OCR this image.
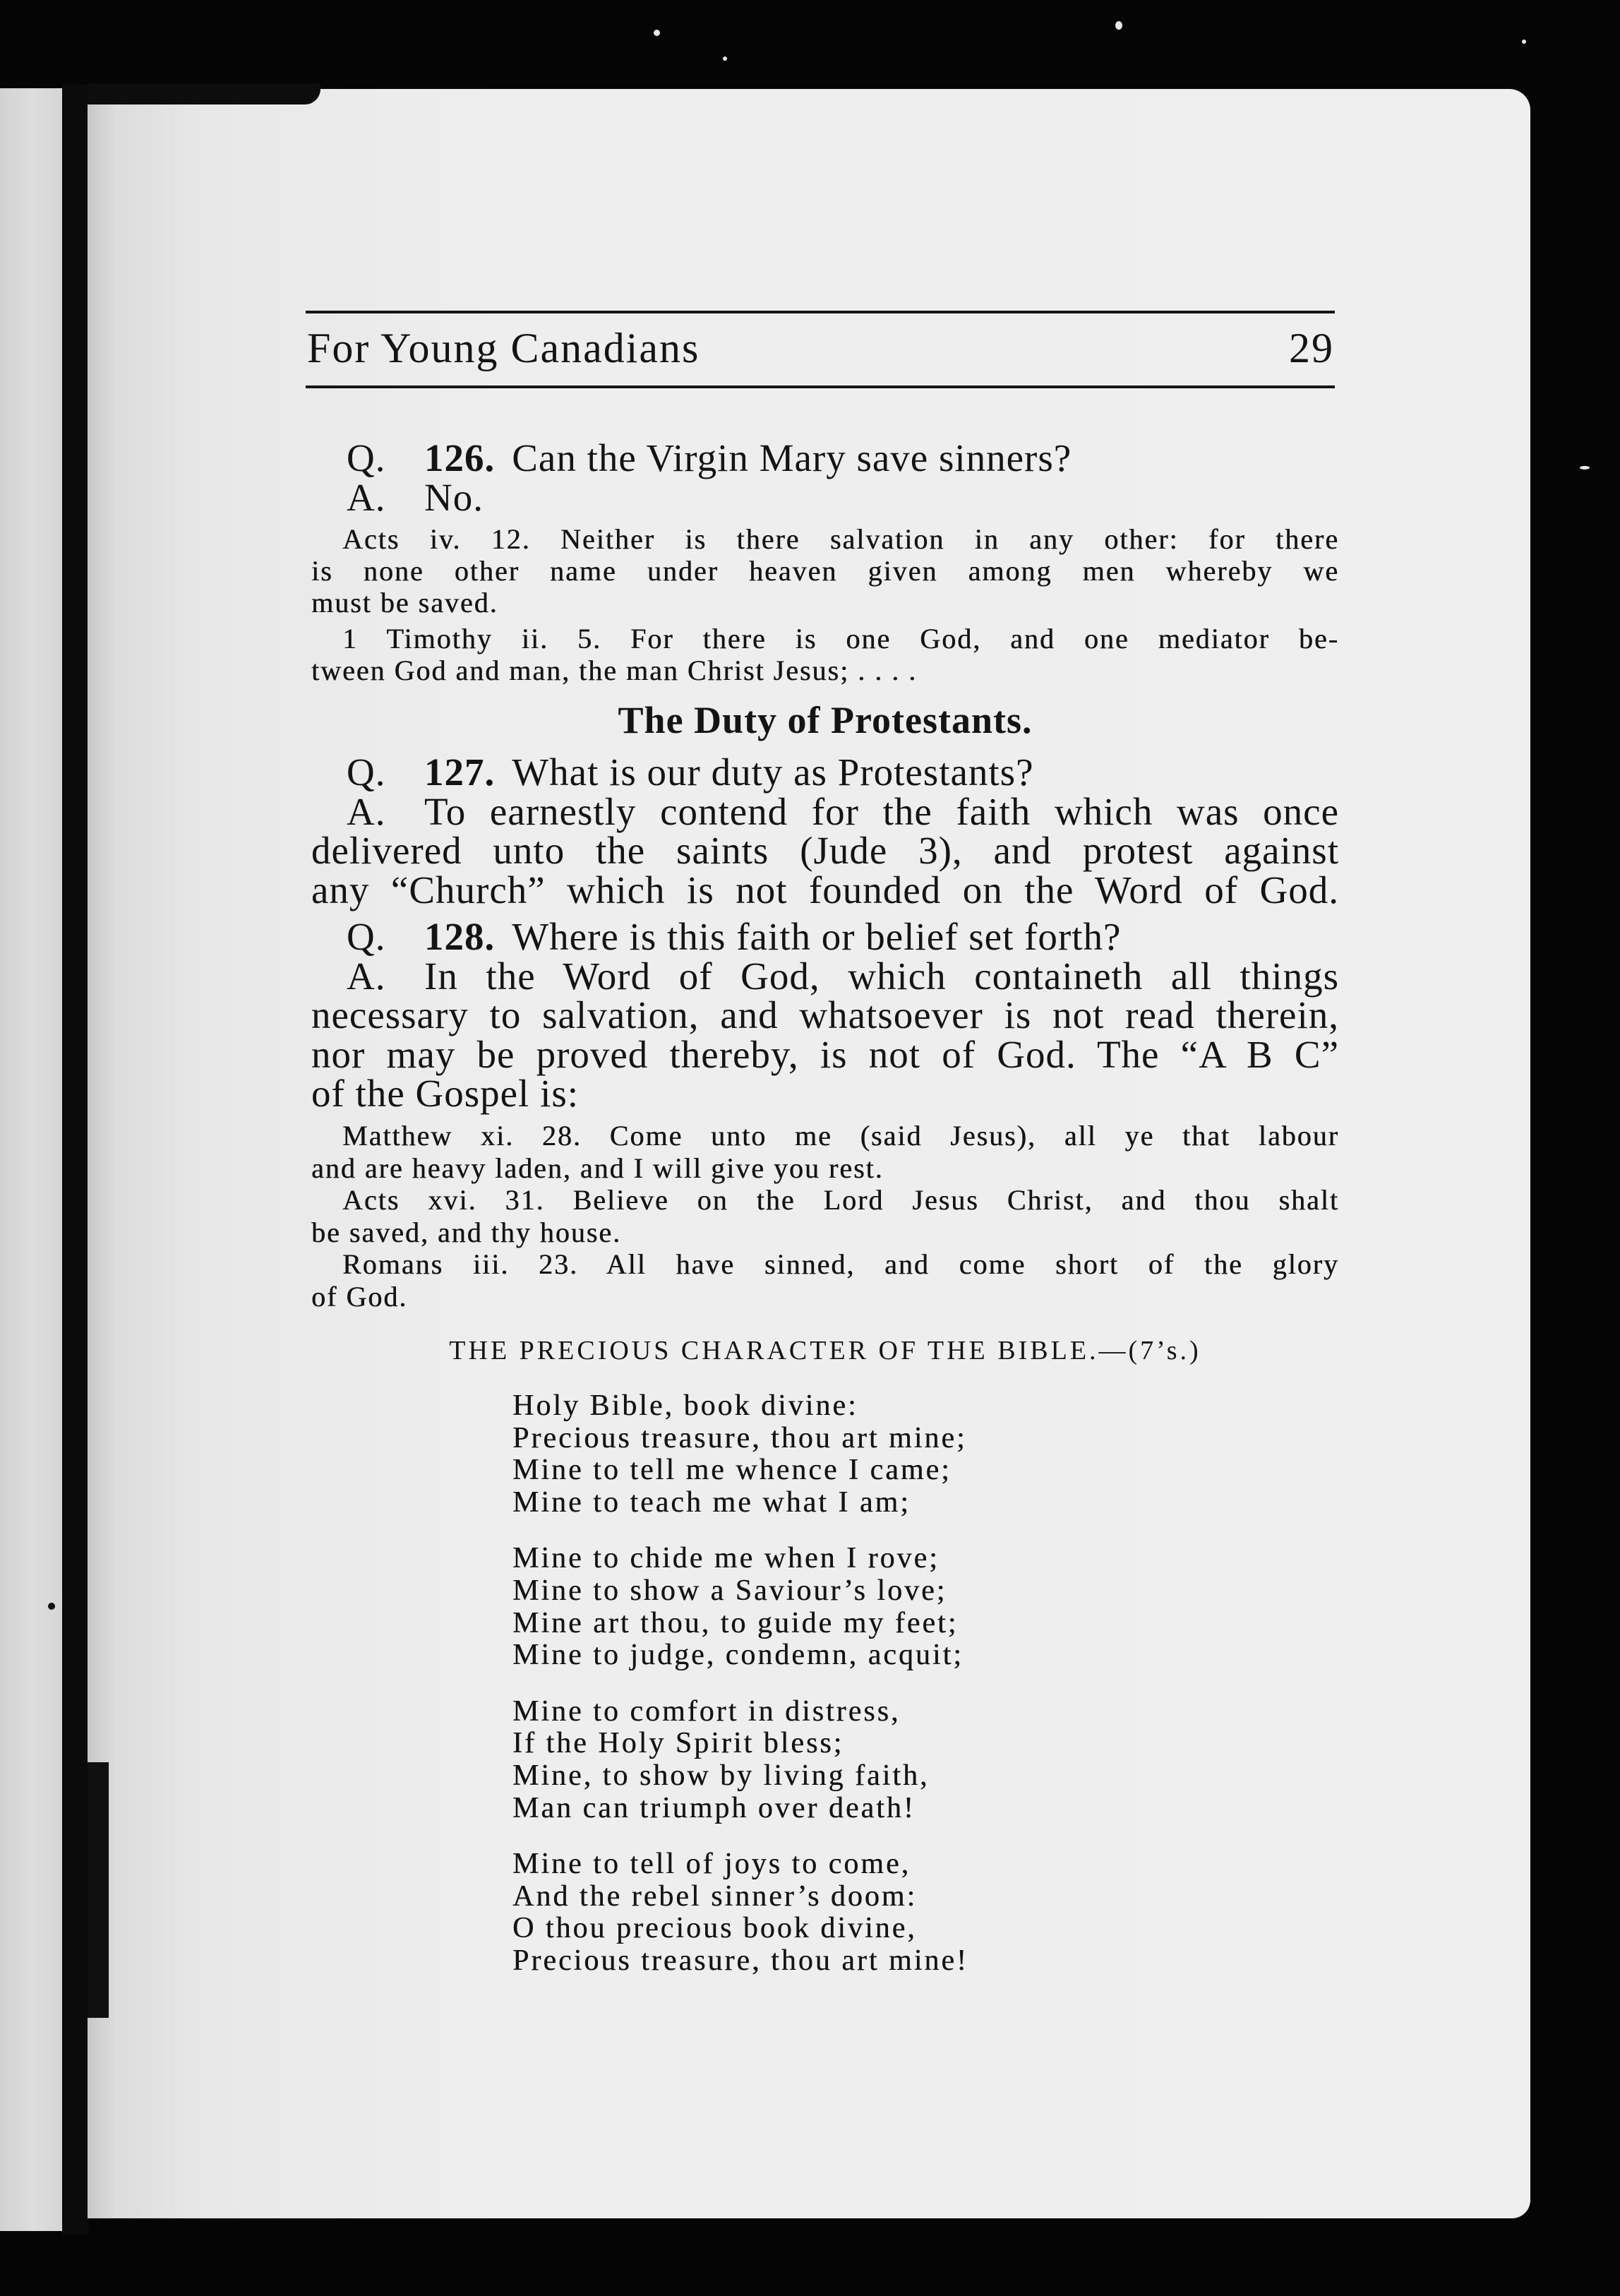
For Young Canadians	29
Q. 126. Can the Virgin Mary save sinners?
A. No.
Acts iv. 12. Neither is there salvation in any other: for there
is none other name under heaven given among men whereby we
must be saved.
1 Timothy ii. 5. For there is one God, and one mediator be-
tween God and man, the man Christ Jesus; . . . .
The Duty of Protestants.
Q. 127. What is our duty as Protestants?
A. To earnestly contend for the faith which was once
delivered unto the saints (Jude 3), and protest against
any “Church” which is not founded on the Word of God.
Q. 128. Where is this faith or belief set forth?
A. In the Word of God, which containeth all things
necessary to salvation, and whatsoever is not read therein,
nor may be proved thereby, is not of God. The “A B C”
of the Gospel is:
Matthew xi. 28. Come unto me (said Jesus), all ye that labour
and are heavy laden, and I will give you rest.
Acts xvi. 31. Believe on the Lord Jesus Christ, and thou shalt
be saved, and thy house.
Romans iii. 23. All have sinned, and come short of the glory
of God.
THE PRECIOUS CHARACTER OF THE BIBLE.—(7’s.)
Holy Bible, book divine:
Precious treasure, thou art mine;
Mine to tell me whence I came;
Mine to teach me what I am;
Mine to chide me when I rove;
Mine to show a Saviour’s love;
Mine art thou, to guide my feet;
Mine to judge, condemn, acquit;
Mine to comfort in distress,
If the Holy Spirit bless;
Mine, to show by living faith,
Man can triumph over death!
Mine to tell of joys to come,
And the rebel sinner’s doom:
O thou precious book divine,
Precious treasure, thou art mine!
